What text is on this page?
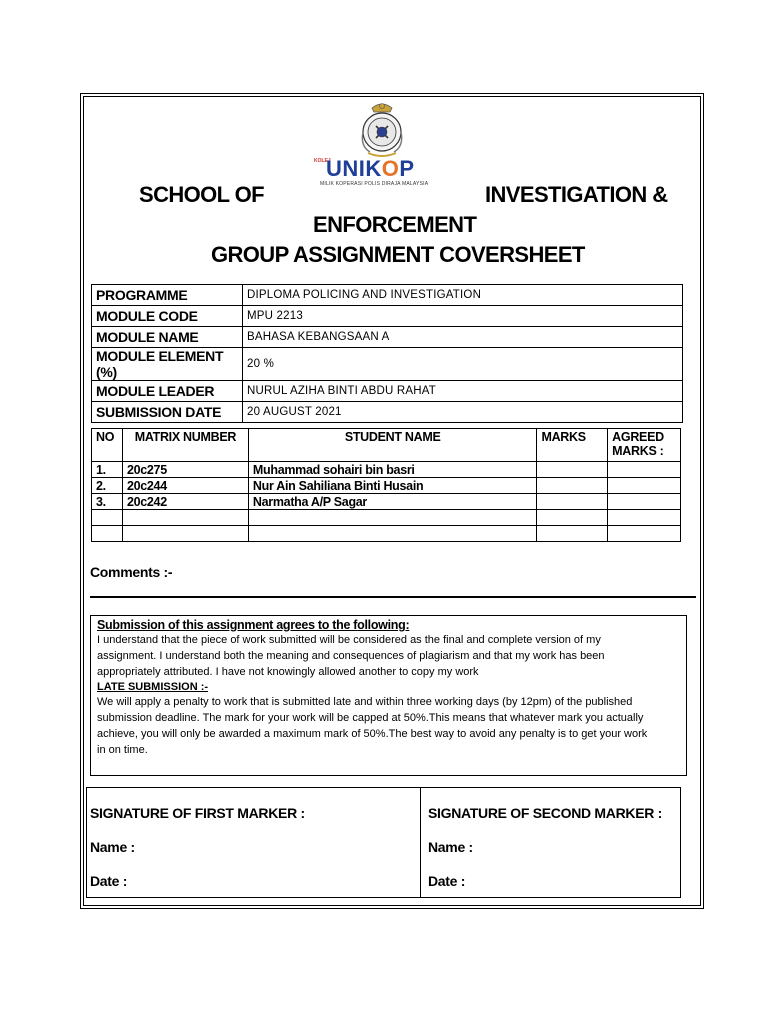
KOLEJ
UNIKOP
MILIK KOPERASI POLIS DIRAJA MALAYSIA
SCHOOL OF	INVESTIGATION &
ENFORCEMENT
GROUP ASSIGNMENT COVERSHEET
PROGRAMME	DIPLOMA POLICING AND INVESTIGATION
MODULE CODE	MPU 2213
MODULE NAME	BAHASA KEBANGSAAN A
MODULE ELEMENT (%)	20 %
MODULE LEADER	NURUL AZIHA BINTI ABDU RAHAT
SUBMISSION DATE	20 AUGUST 2021
NO	MATRIX NUMBER	STUDENT NAME	MARKS	AGREED MARKS :
1.	20c275	Muhammad sohairi bin basri		
2.	20c244	Nur Ain Sahiliana Binti Husain		
3.	20c242	Narmatha A/P Sagar		

Comments :-
Submission of this assignment agrees to the following:
I understand that the piece of work submitted will be considered as the final and complete version of my
assignment. I understand both the meaning and consequences of plagiarism and that my work has been
appropriately attributed. I have not knowingly allowed another to copy my work
LATE SUBMISSION :-
We will apply a penalty to work that is submitted late and within three working days (by 12pm) of the published
submission deadline. The mark for your work will be capped at 50%.This means that whatever mark you actually
achieve, you will only be awarded a maximum mark of 50%.The best way to avoid any penalty is to get your work
in on time.
SIGNATURE OF FIRST MARKER :
Name :
Date :
SIGNATURE OF SECOND MARKER :
Name :
Date :
